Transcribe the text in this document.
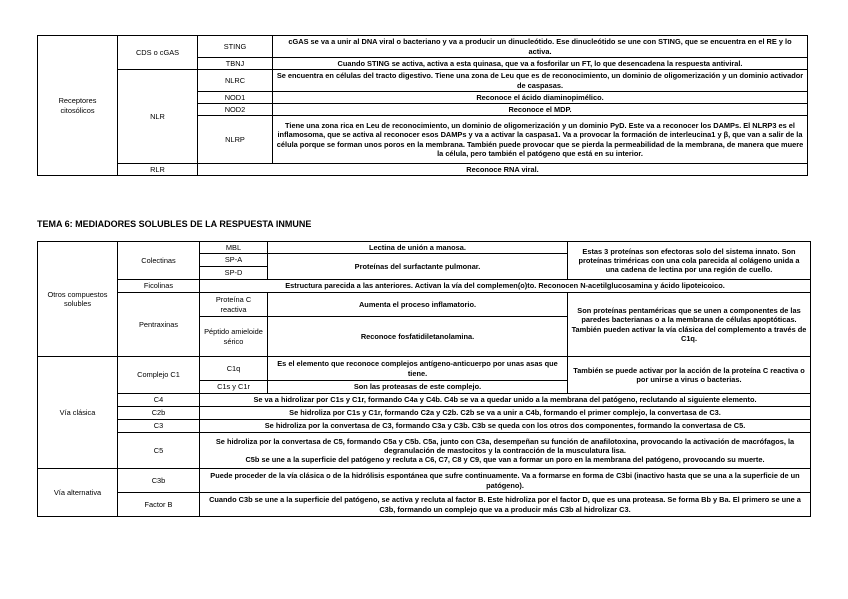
Receptores citosólicos	CDS o cGAS	STING	cGAS se va a unir al DNA viral o bacteriano y va a producir un dinucleótido. Ese dinucleótido se une con STING, que se encuentra en el RE y lo activa.
		TBNJ	Cuando STING se activa, activa a esta quinasa, que va a fosforilar un FT, lo que desencadena la respuesta antiviral.
	NLR	NLRC	Se encuentra en células del tracto digestivo. Tiene una zona de Leu que es de reconocimiento, un dominio de oligomerización y un dominio activador de caspasas.
		NOD1	Reconoce el ácido diaminopimélico.
		NOD2	Reconoce el MDP.
		NLRP	Tiene una zona rica en Leu de reconocimiento, un dominio de oligomerización y un dominio PyD. Este va a reconocer los DAMPs. El NLRP3 es el inflamosoma, que se activa al reconocer esos DAMPs y va a activar la caspasa1. Va a provocar la formación de interleucina1 y β, que van a salir de la célula porque se forman unos poros en la membrana. También puede provocar que se pierda la permeabilidad de la membrana, de manera que muere la célula, pero también el patógeno que está en su interior.
	RLR	Reconoce RNA viral.	
TEMA 6: MEDIADORES SOLUBLES DE LA RESPUESTA INMUNE
Otros compuestos solubles	Colectinas	MBL	Lectina de unión a manosa.	Estas 3 proteínas son efectoras solo del sistema innato. Son proteínas triméricas con una cola parecida al colágeno unida a una cadena de lectina por una región de cuello.
		SP-A	Proteínas del surfactante pulmonar.	
		SP-D		
	Ficolinas	Estructura parecida a las anteriores. Activan la vía del complemen(o)to. Reconocen N-acetilglucosamina y ácido lipoteicoico.		
	Pentraxinas	Proteína C reactiva	Aumenta el proceso inflamatorio.	Son proteínas pentaméricas que se unen a componentes de las paredes bacterianas o a la membrana de células apoptóticas. También pueden activar la vía clásica del complemento a través de C1q.
		Péptido amieloide sérico	Reconoce fosfatidiletanolamina.	

Vía clásica	Complejo C1	C1q	Es el elemento que reconoce complejos antígeno-anticuerpo por unas asas que tiene.	También se puede activar por la acción de la proteína C reactiva o por unirse a virus o bacterias.
		C1s y C1r	Son las proteasas de este complejo.	
	C4	Se va a hidrolizar por C1s y C1r, formando C4a y C4b. C4b se va a quedar unido a la membrana del patógeno, reclutando al siguiente elemento.		
	C2b	Se hidroliza por C1s y C1r, formando C2a y C2b. C2b se va a unir a C4b, formando el primer complejo, la convertasa de C3.		
	C3	Se hidroliza por la convertasa de C3, formando C3a y C3b. C3b se queda con los otros dos componentes, formando la convertasa de C5.		
	C5	Se hidroliza por la convertasa de C5, formando C5a y C5b. C5a, junto con C3a, desempeñan su función de anafilotoxina, provocando la activación de macrófagos, la degranulación de mastocitos y la contracción de la musculatura lisa.
C5b se une a la superficie del patógeno y recluta a C6, C7, C8 y C9, que van a formar un poro en la membrana del patógeno, provocando su muerte.		
Vía alternativa	C3b	Puede proceder de la vía clásica o de la hidrólisis espontánea que sufre continuamente. Va a formarse en forma de C3bi (inactivo hasta que se una a la superficie de un patógeno).		
	Factor B	Cuando C3b se une a la superficie del patógeno, se activa y recluta al factor B. Este hidroliza por el factor D, que es una proteasa. Se forma Bb y Ba. El primero se une a C3b, formando un complejo que va a producir más C3b al hidrolizar C3.		
